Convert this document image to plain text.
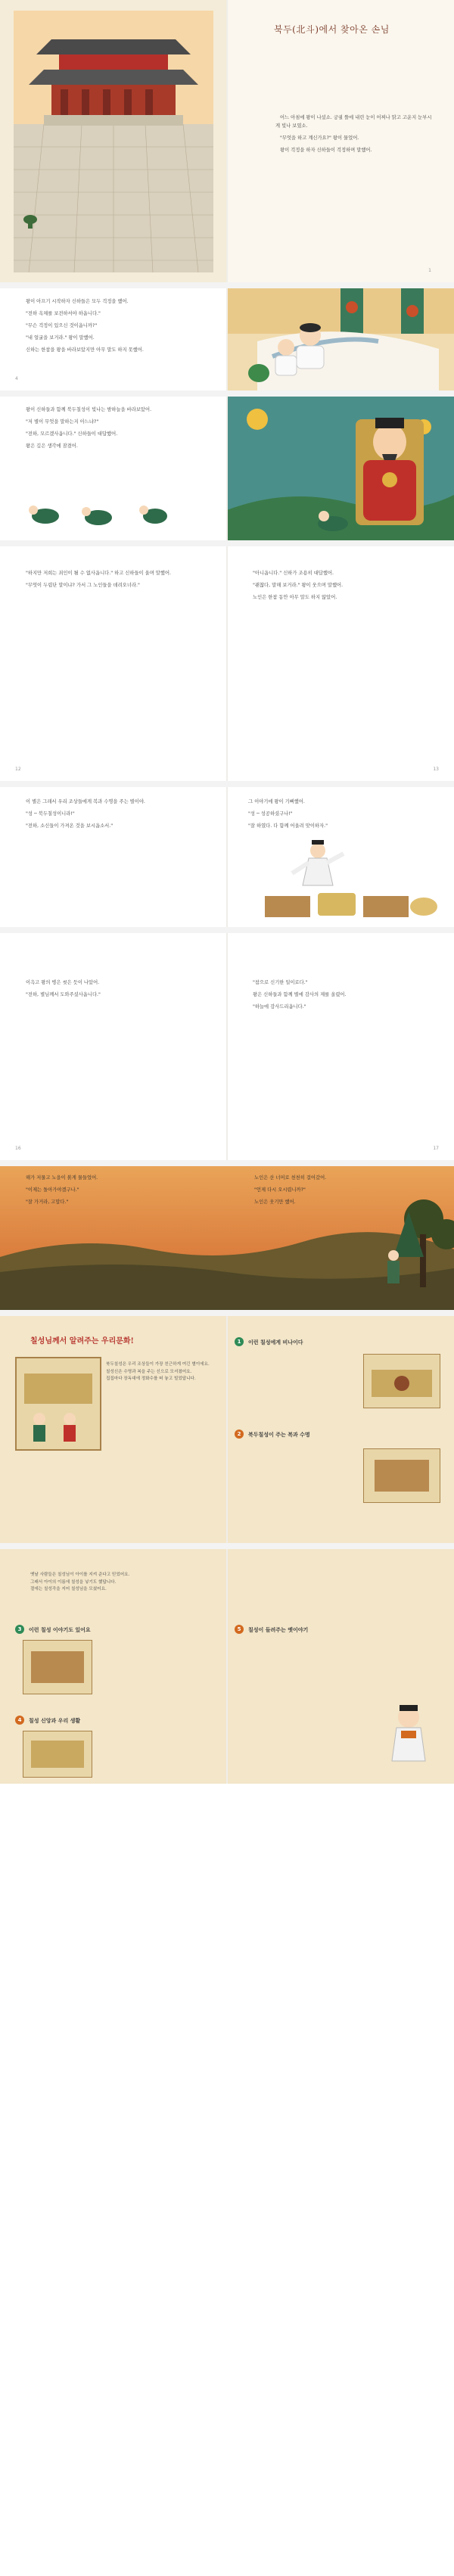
북두(北斗)에서 찾아온 손님

어느 아침에 왕이 나셨소. 궁궐 뜰에 내린 눈이 어찌나 맑고 고운지 눈부시게 빛나 보였소.

"무엇을 하고 계신가요?" 왕이 물었어.

왕이 걱정을 하자 신하들이 걱정하며 말했어.

1

왕이 아프기 시작하자 신하들은 모두 걱정을 했어.

"전하 옥체를 보전하셔야 하옵니다."

"무슨 걱정이 있으신 것이옵니까?"

"내 얼굴을 보거라." 왕이 말했어.

신하는 한참을 왕을 바라보았지만 아무 말도 하지 못했어.

4

왕이 신하들과 함께 북두칠성이 빛나는 밤하늘을 바라보았어.

"저 별이 무엇을 말하는지 아느냐?"

"전하, 모르겠사옵니다." 신하들이 대답했어.

왕은 깊은 생각에 잠겼어.

"하지만 저희는 죄인이 될 수 없사옵니다." 하고 신하들이 울며 말했어.

"무엇이 두렵단 말이냐? 가서 그 노인들을 데려오너라."

12

"아니옵니다." 신하가 조용히 대답했어.

"괜찮다, 말해 보거라." 왕이 웃으며 말했어.

노인은 한참 동안 아무 말도 하지 않았어.

13

이 별은 그래서 우리 조상들에게 복과 수명을 주는 별이야.

"성 ─ 북두칠성이니라!"

"전하, 소신들이 가져온 것을 보시옵소서."

그 이야기에 왕이 기뻐했어.

"성 ─ 성공하셨구나!"

"잘 하였다. 다 함께 어울려 맞이하자."

이윽고 왕의 병은 씻은 듯이 나았어.

"전하, 별님께서 도와주셨사옵니다."

16

"참으로 신기한 일이로다."

왕은 신하들과 함께 별에 감사의 제를 올렸어.

"하늘에 감사드리옵니다."

17

해가 저물고 노을이 붉게 물들었어.

"이제는 돌아가야겠구나."

"잘 가거라, 고맙다."

노인은 산 너머로 천천히 걸어갔어.

"언제 다시 오시렵니까?"

노인은 웃기만 했어.

칠성님께서 알려주는 우리문화!

북두칠성은 우리 조상들이 가장 친근하게 여긴 별이에요.

칠성신은 수명과 복을 주는 신으로 모셔졌어요.

집집마다 장독대에 정화수를 떠 놓고 빌었답니다.

1	이런 칠성에게 비나이다
2	북두칠성이 주는 복과 수명

옛날 사람들은 칠성님이 아이를 지켜 준다고 믿었어요.

그래서 아이의 이름에 칠성을 넣기도 했답니다.

절에는 칠성각을 지어 칠성님을 모셨어요.

3	이런 칠성 이야기도 있어요
4	칠성 신앙과 우리 생활
5	칠성이 들려주는 옛이야기
